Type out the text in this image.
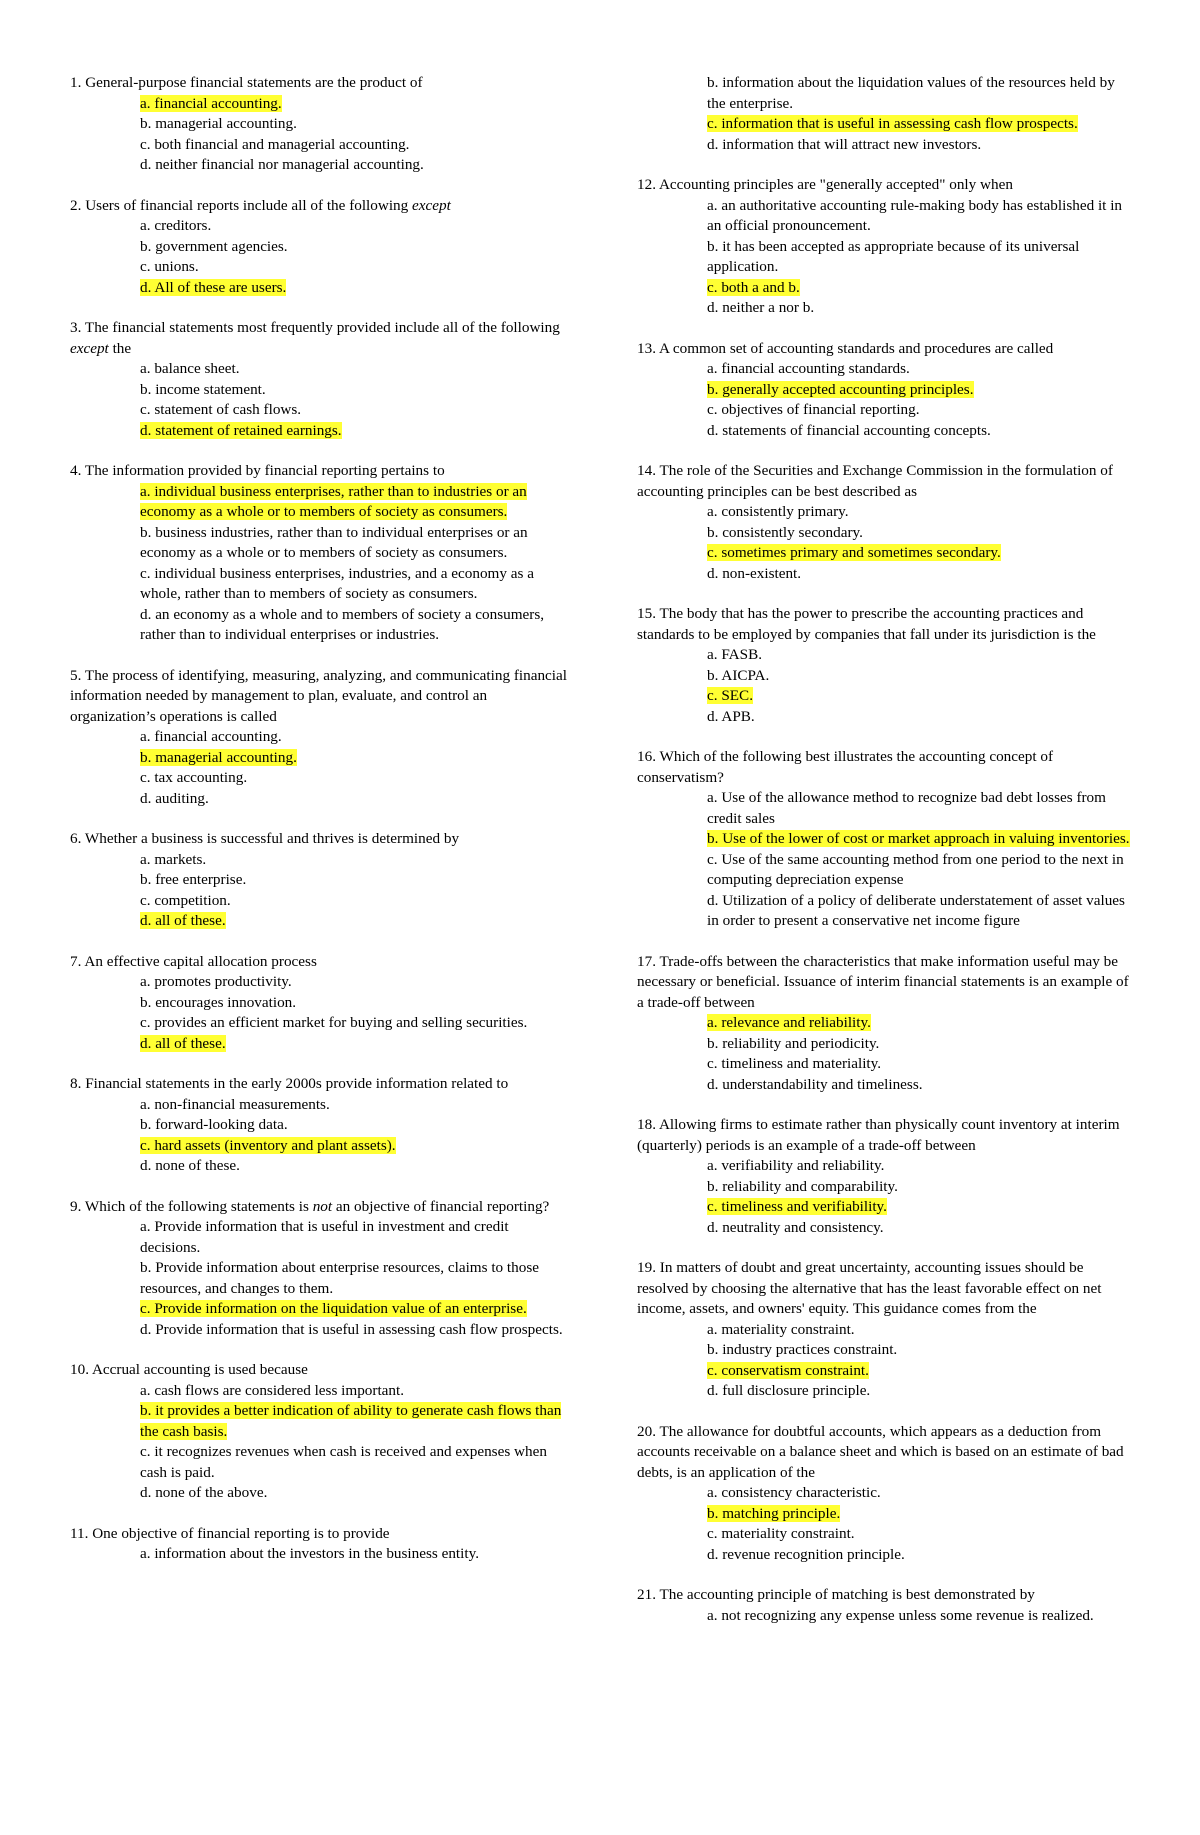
1. General-purpose financial statements are the product of
a. financial accounting.
b. managerial accounting.
c. both financial and managerial accounting.
d. neither financial nor managerial accounting.
2. Users of financial reports include all of the following except
a. creditors.
b. government agencies.
c. unions.
d. All of these are users.
3. The financial statements most frequently provided include all of the following except the
a. balance sheet.
b. income statement.
c. statement of cash flows.
d. statement of retained earnings.
4. The information provided by financial reporting pertains to
a. individual business enterprises, rather than to industries or an economy as a whole or to members of society as consumers.
b. business industries, rather than to individual enterprises or an economy as a whole or to members of society as consumers.
c. individual business enterprises, industries, and a economy as a whole, rather than to members of society as consumers.
d. an economy as a whole and to members of society a consumers, rather than to individual enterprises or industries.
5. The process of identifying, measuring, analyzing, and communicating financial information needed by management to plan, evaluate, and control an organization’s operations is called
a. financial accounting.
b. managerial accounting.
c. tax accounting.
d. auditing.
6. Whether a business is successful and thrives is determined by
a. markets.
b. free enterprise.
c. competition.
d. all of these.
7. An effective capital allocation process
a. promotes productivity.
b. encourages innovation.
c. provides an efficient market for buying and selling securities.
d. all of these.
8. Financial statements in the early 2000s provide information related to
a. non-financial measurements.
b. forward-looking data.
c. hard assets (inventory and plant assets).
d. none of these.
9. Which of the following statements is not an objective of financial reporting?
a. Provide information that is useful in investment and credit decisions.
b. Provide information about enterprise resources, claims to those resources, and changes to them.
c. Provide information on the liquidation value of an enterprise.
d. Provide information that is useful in assessing cash flow prospects.
10. Accrual accounting is used because
a. cash flows are considered less important.
b. it provides a better indication of ability to generate cash flows than the cash basis.
c. it recognizes revenues when cash is received and expenses when cash is paid.
d. none of the above.
11. One objective of financial reporting is to provide
a. information about the investors in the business entity.
b. information about the liquidation values of the resources held by the enterprise.
c. information that is useful in assessing cash flow prospects.
d. information that will attract new investors.
12. Accounting principles are "generally accepted" only when
a. an authoritative accounting rule-making body has established it in an official pronouncement.
b. it has been accepted as appropriate because of its universal application.
c. both a and b.
d. neither a nor b.
13. A common set of accounting standards and procedures are called
a. financial accounting standards.
b. generally accepted accounting principles.
c. objectives of financial reporting.
d. statements of financial accounting concepts.
14. The role of the Securities and Exchange Commission in the formulation of accounting principles can be best described as
a. consistently primary.
b. consistently secondary.
c. sometimes primary and sometimes secondary.
d. non-existent.
15. The body that has the power to prescribe the accounting practices and standards to be employed by companies that fall under its jurisdiction is the
a. FASB.
b. AICPA.
c. SEC.
d. APB.
16. Which of the following best illustrates the accounting concept of conservatism?
a. Use of the allowance method to recognize bad debt losses from credit sales
b. Use of the lower of cost or market approach in valuing inventories.
c. Use of the same accounting method from one period to the next in computing depreciation expense
d. Utilization of a policy of deliberate understatement of asset values in order to present a conservative net income figure
17. Trade-offs between the characteristics that make information useful may be necessary or beneficial. Issuance of interim financial statements is an example of a trade-off between
a. relevance and reliability.
b. reliability and periodicity.
c. timeliness and materiality.
d. understandability and timeliness.
18. Allowing firms to estimate rather than physically count inventory at interim (quarterly) periods is an example of a trade-off between
a. verifiability and reliability.
b. reliability and comparability.
c. timeliness and verifiability.
d. neutrality and consistency.
19. In matters of doubt and great uncertainty, accounting issues should be resolved by choosing the alternative that has the least favorable effect on net income, assets, and owners' equity. This guidance comes from the
a. materiality constraint.
b. industry practices constraint.
c. conservatism constraint.
d. full disclosure principle.
20. The allowance for doubtful accounts, which appears as a deduction from accounts receivable on a balance sheet and which is based on an estimate of bad debts, is an application of the
a. consistency characteristic.
b. matching principle.
c. materiality constraint.
d. revenue recognition principle.
21. The accounting principle of matching is best demonstrated by
a. not recognizing any expense unless some revenue is realized.
